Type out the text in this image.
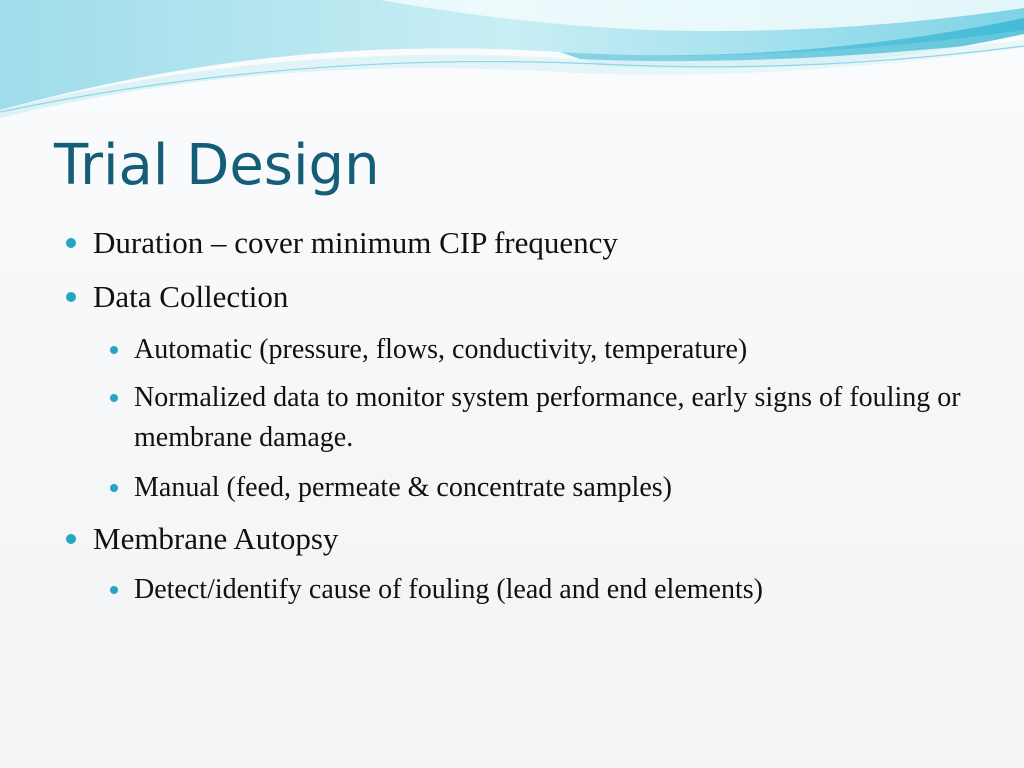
Trial Design
Duration – cover minimum CIP frequency
Data Collection
Automatic (pressure, flows, conductivity, temperature)
Normalized data to monitor system performance, early signs of fouling or membrane damage.
Manual (feed, permeate & concentrate samples)
Membrane Autopsy
Detect/identify cause of fouling (lead and end elements)
